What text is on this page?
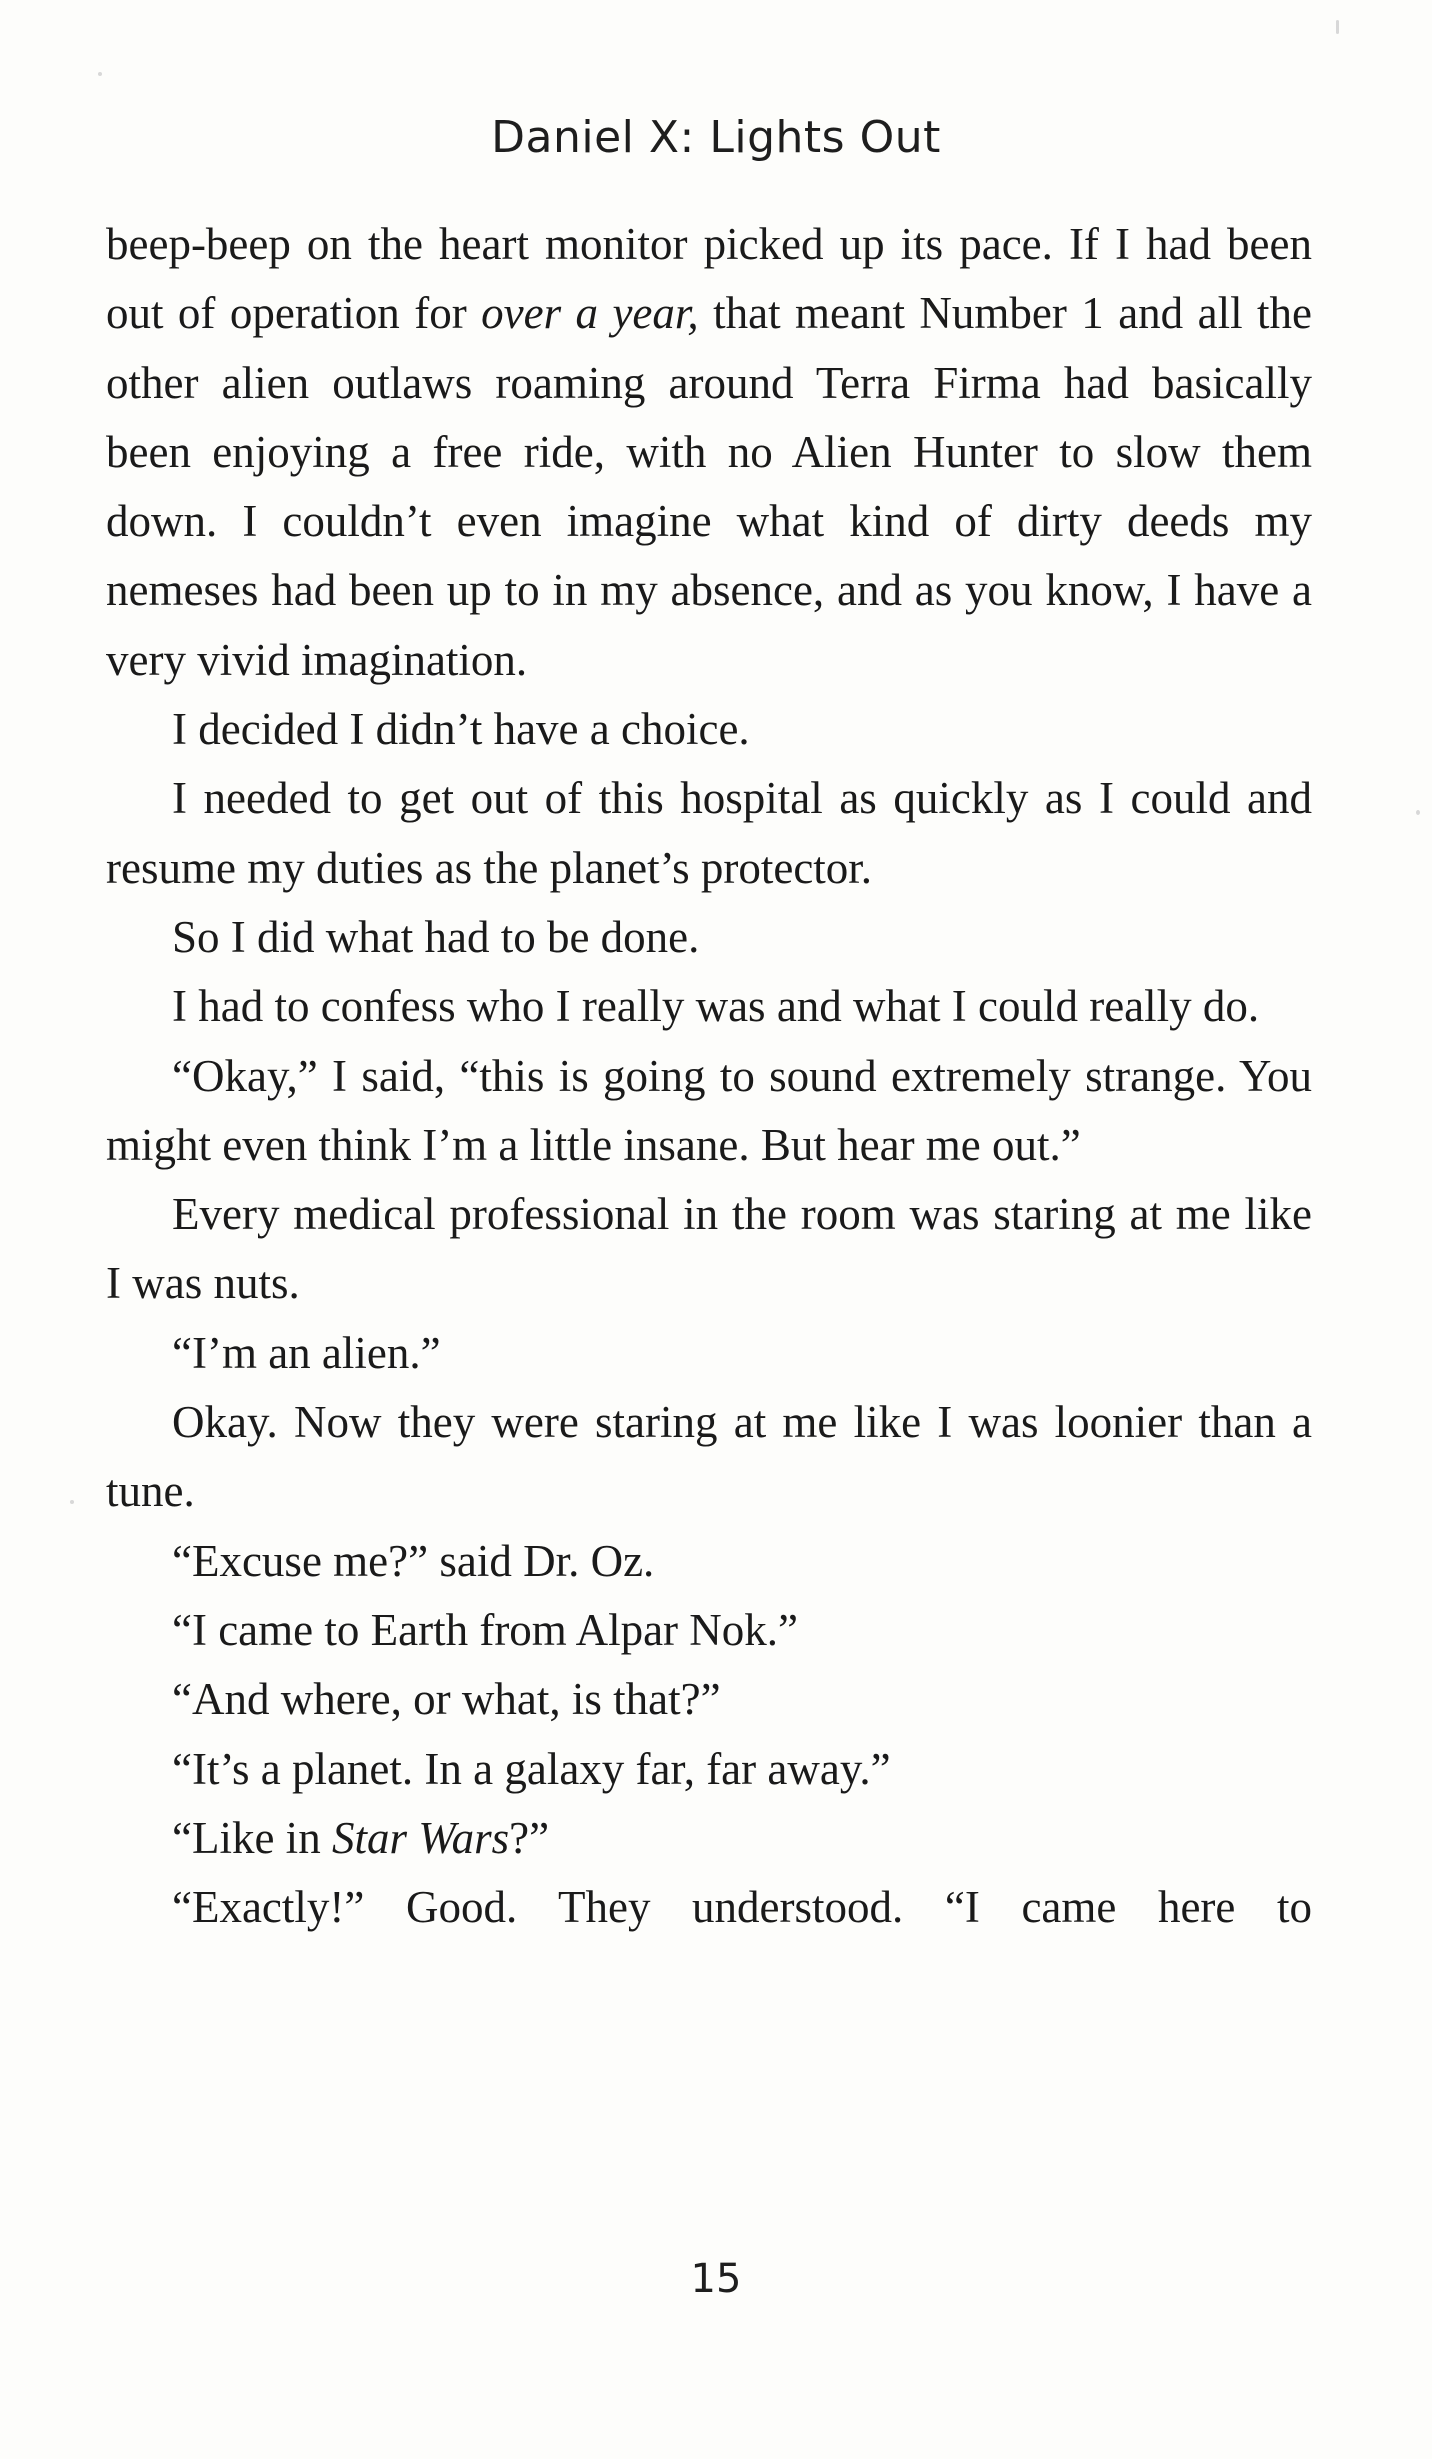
Daniel X: Lights Out

beep-beep on the heart monitor picked up its pace. If I had been out of operation for over a year, that meant Number 1 and all the other alien outlaws roaming around Terra Firma had basically been enjoying a free ride, with no Alien Hunter to slow them down. I couldn’t even imagine what kind of dirty deeds my nemeses had been up to in my absence, and as you know, I have a very vivid imagination.

I decided I didn’t have a choice.

I needed to get out of this hospital as quickly as I could and resume my duties as the planet’s protector.

So I did what had to be done.

I had to confess who I really was and what I could really do.

“Okay,” I said, “this is going to sound extremely strange. You might even think I’m a little insane. But hear me out.”

Every medical professional in the room was staring at me like I was nuts.

“I’m an alien.”

Okay. Now they were staring at me like I was loonier than a tune.

“Excuse me?” said Dr. Oz.

“I came to Earth from Alpar Nok.”

“And where, or what, is that?”

“It’s a planet. In a galaxy far, far away.”

“Like in Star Wars?”

“Exactly!” Good. They understood. “I came here to

15
